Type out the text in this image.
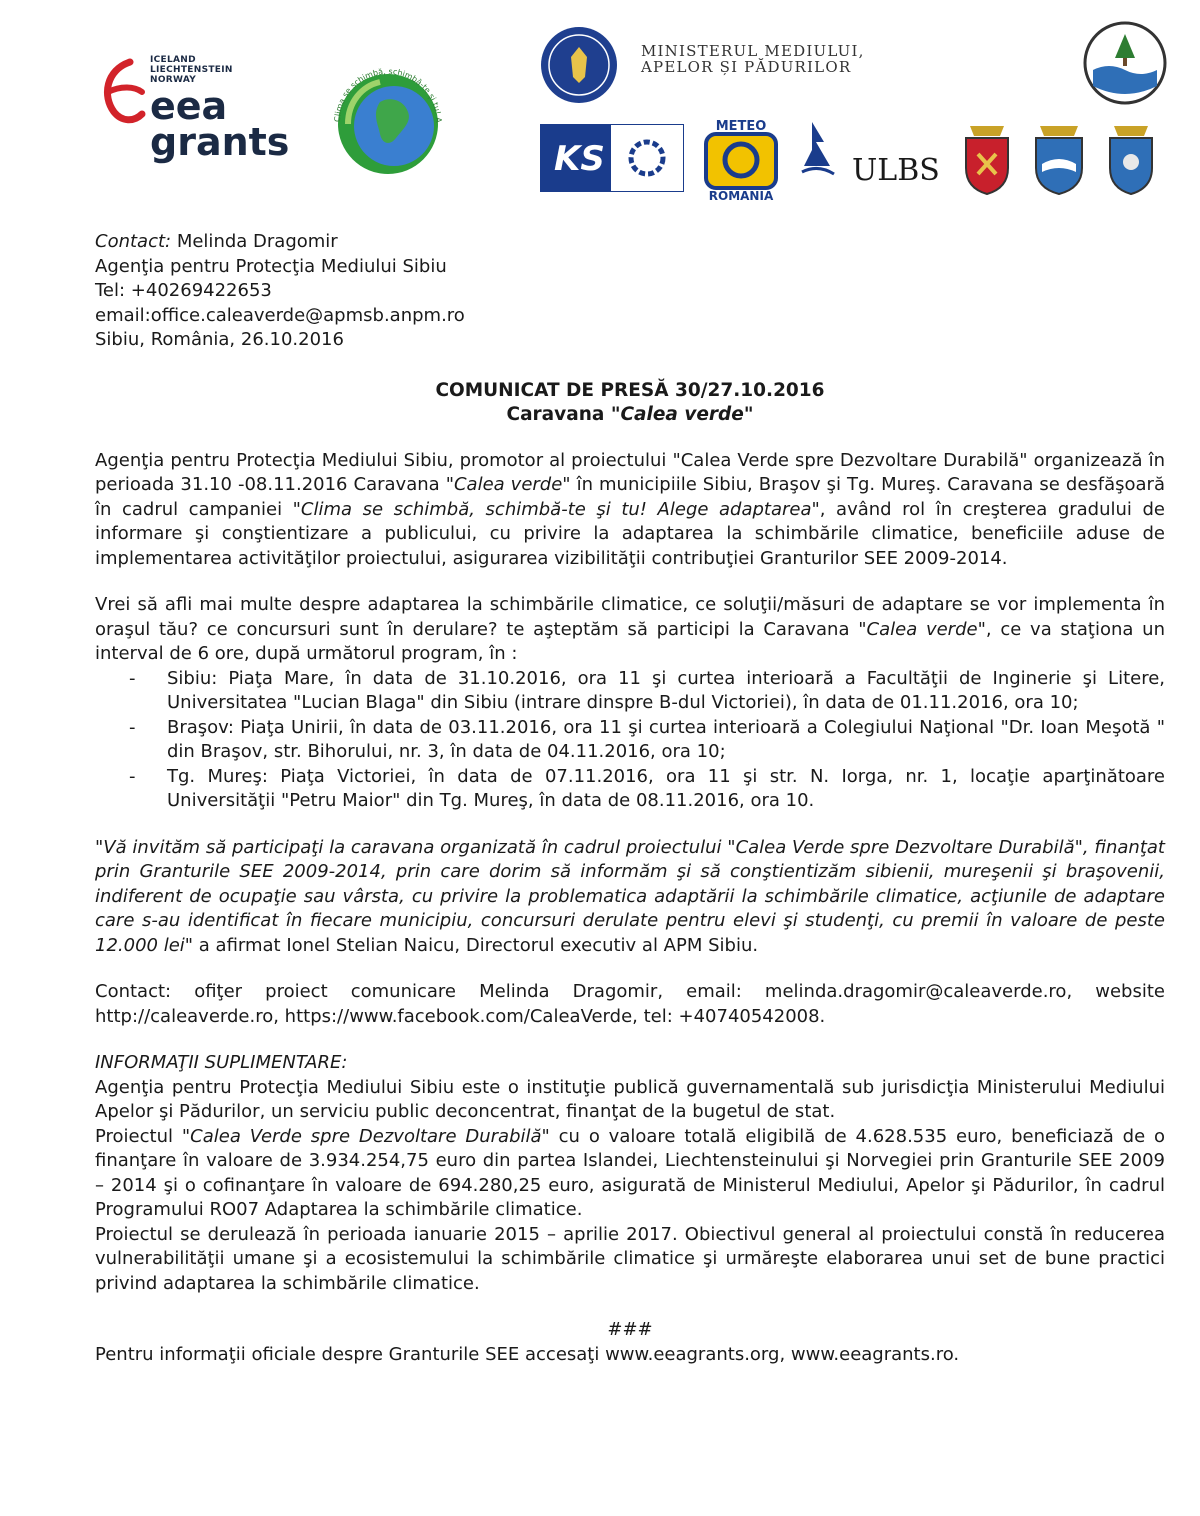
ICELAND
LIECHTENSTEIN
NORWAY
eea
grants
Clima se schimbă, schimbă-te și tu! A
MINISTERUL MEDIULUI,
APELOR ȘI PĂDURILOR
KS
METEO
ROMÂNIA
ULBS

Contact: Melinda Dragomir

Agenţia pentru Protecţia Mediului Sibiu

Tel: +40269422653

email:office.caleaverde@apmsb.anpm.ro

Sibiu, România, 26.10.2016

COMUNICAT DE PRESĂ 30/27.10.2016
Caravana "Calea verde"

Agenţia pentru Protecţia Mediului Sibiu, promotor al proiectului "Calea Verde spre Dezvoltare Durabilă" organizează în perioada 31.10 -08.11.2016 Caravana "Calea verde" în municipiile Sibiu, Braşov şi Tg. Mureş. Caravana se desfăşoară în cadrul campaniei "Clima se schimbă, schimbă-te şi tu! Alege adaptarea", având rol în creşterea gradului de informare şi conştientizare a publicului, cu privire la adaptarea la schimbările climatice, beneficiile aduse de implementarea activităţilor proiectului, asigurarea vizibilităţii contribuţiei Granturilor SEE 2009-2014.

Vrei să afli mai multe despre adaptarea la schimbările climatice, ce soluţii/măsuri de adaptare se vor implementa în oraşul tău? ce concursuri sunt în derulare? te aşteptăm să participi la Caravana "Calea verde", ce va staţiona un interval de 6 ore, după următorul program, în :

- Sibiu: Piaţa Mare, în data de 31.10.2016, ora 11 şi curtea interioară a Facultăţii de Inginerie şi Litere, Universitatea "Lucian Blaga" din Sibiu (intrare dinspre B-dul Victoriei), în data de 01.11.2016, ora 10;
- Braşov: Piaţa Unirii, în data de 03.11.2016, ora 11 şi curtea interioară a Colegiului Naţional "Dr. Ioan Meşotă " din Braşov, str. Bihorului, nr. 3, în data de 04.11.2016, ora 10;
- Tg. Mureş: Piaţa Victoriei, în data de 07.11.2016, ora 11 şi str. N. Iorga, nr. 1, locaţie aparţinătoare Universităţii "Petru Maior" din Tg. Mureş, în data de 08.11.2016, ora 10.

"Vă invităm să participaţi la caravana organizată în cadrul proiectului "Calea Verde spre Dezvoltare Durabilă", finanţat prin Granturile SEE 2009-2014, prin care dorim să informăm şi să conştientizăm sibienii, mureşenii şi braşovenii, indiferent de ocupaţie sau vârsta, cu privire la problematica adaptării la schimbările climatice, acţiunile de adaptare care s-au identificat în fiecare municipiu, concursuri derulate pentru elevi şi studenţi, cu premii în valoare de peste 12.000 lei" a afirmat Ionel Stelian Naicu, Directorul executiv al APM Sibiu.

Contact: ofiţer proiect comunicare Melinda Dragomir, email: melinda.dragomir@caleaverde.ro, website http://caleaverde.ro, https://www.facebook.com/CaleaVerde, tel: +40740542008.

INFORMAŢII SUPLIMENTARE:

Agenţia pentru Protecţia Mediului Sibiu este o instituţie publică guvernamentală sub jurisdicţia Ministerului Mediului Apelor şi Pădurilor, un serviciu public deconcentrat, finanţat de la bugetul de stat.

Proiectul "Calea Verde spre Dezvoltare Durabilă" cu o valoare totală eligibilă de 4.628.535 euro, beneficiază de o finanţare în valoare de 3.934.254,75 euro din partea Islandei, Liechtensteinului şi Norvegiei prin Granturile SEE 2009 – 2014 şi o cofinanţare în valoare de 694.280,25 euro, asigurată de Ministerul Mediului, Apelor şi Pădurilor, în cadrul Programului RO07 Adaptarea la schimbările climatice.

Proiectul se derulează în perioada ianuarie 2015 – aprilie 2017. Obiectivul general al proiectului constă în reducerea vulnerabilităţii umane şi a ecosistemului la schimbările climatice şi urmăreşte elaborarea unui set de bune practici privind adaptarea la schimbările climatice.

###

Pentru informaţii oficiale despre Granturile SEE accesaţi www.eeagrants.org, www.eeagrants.ro.
